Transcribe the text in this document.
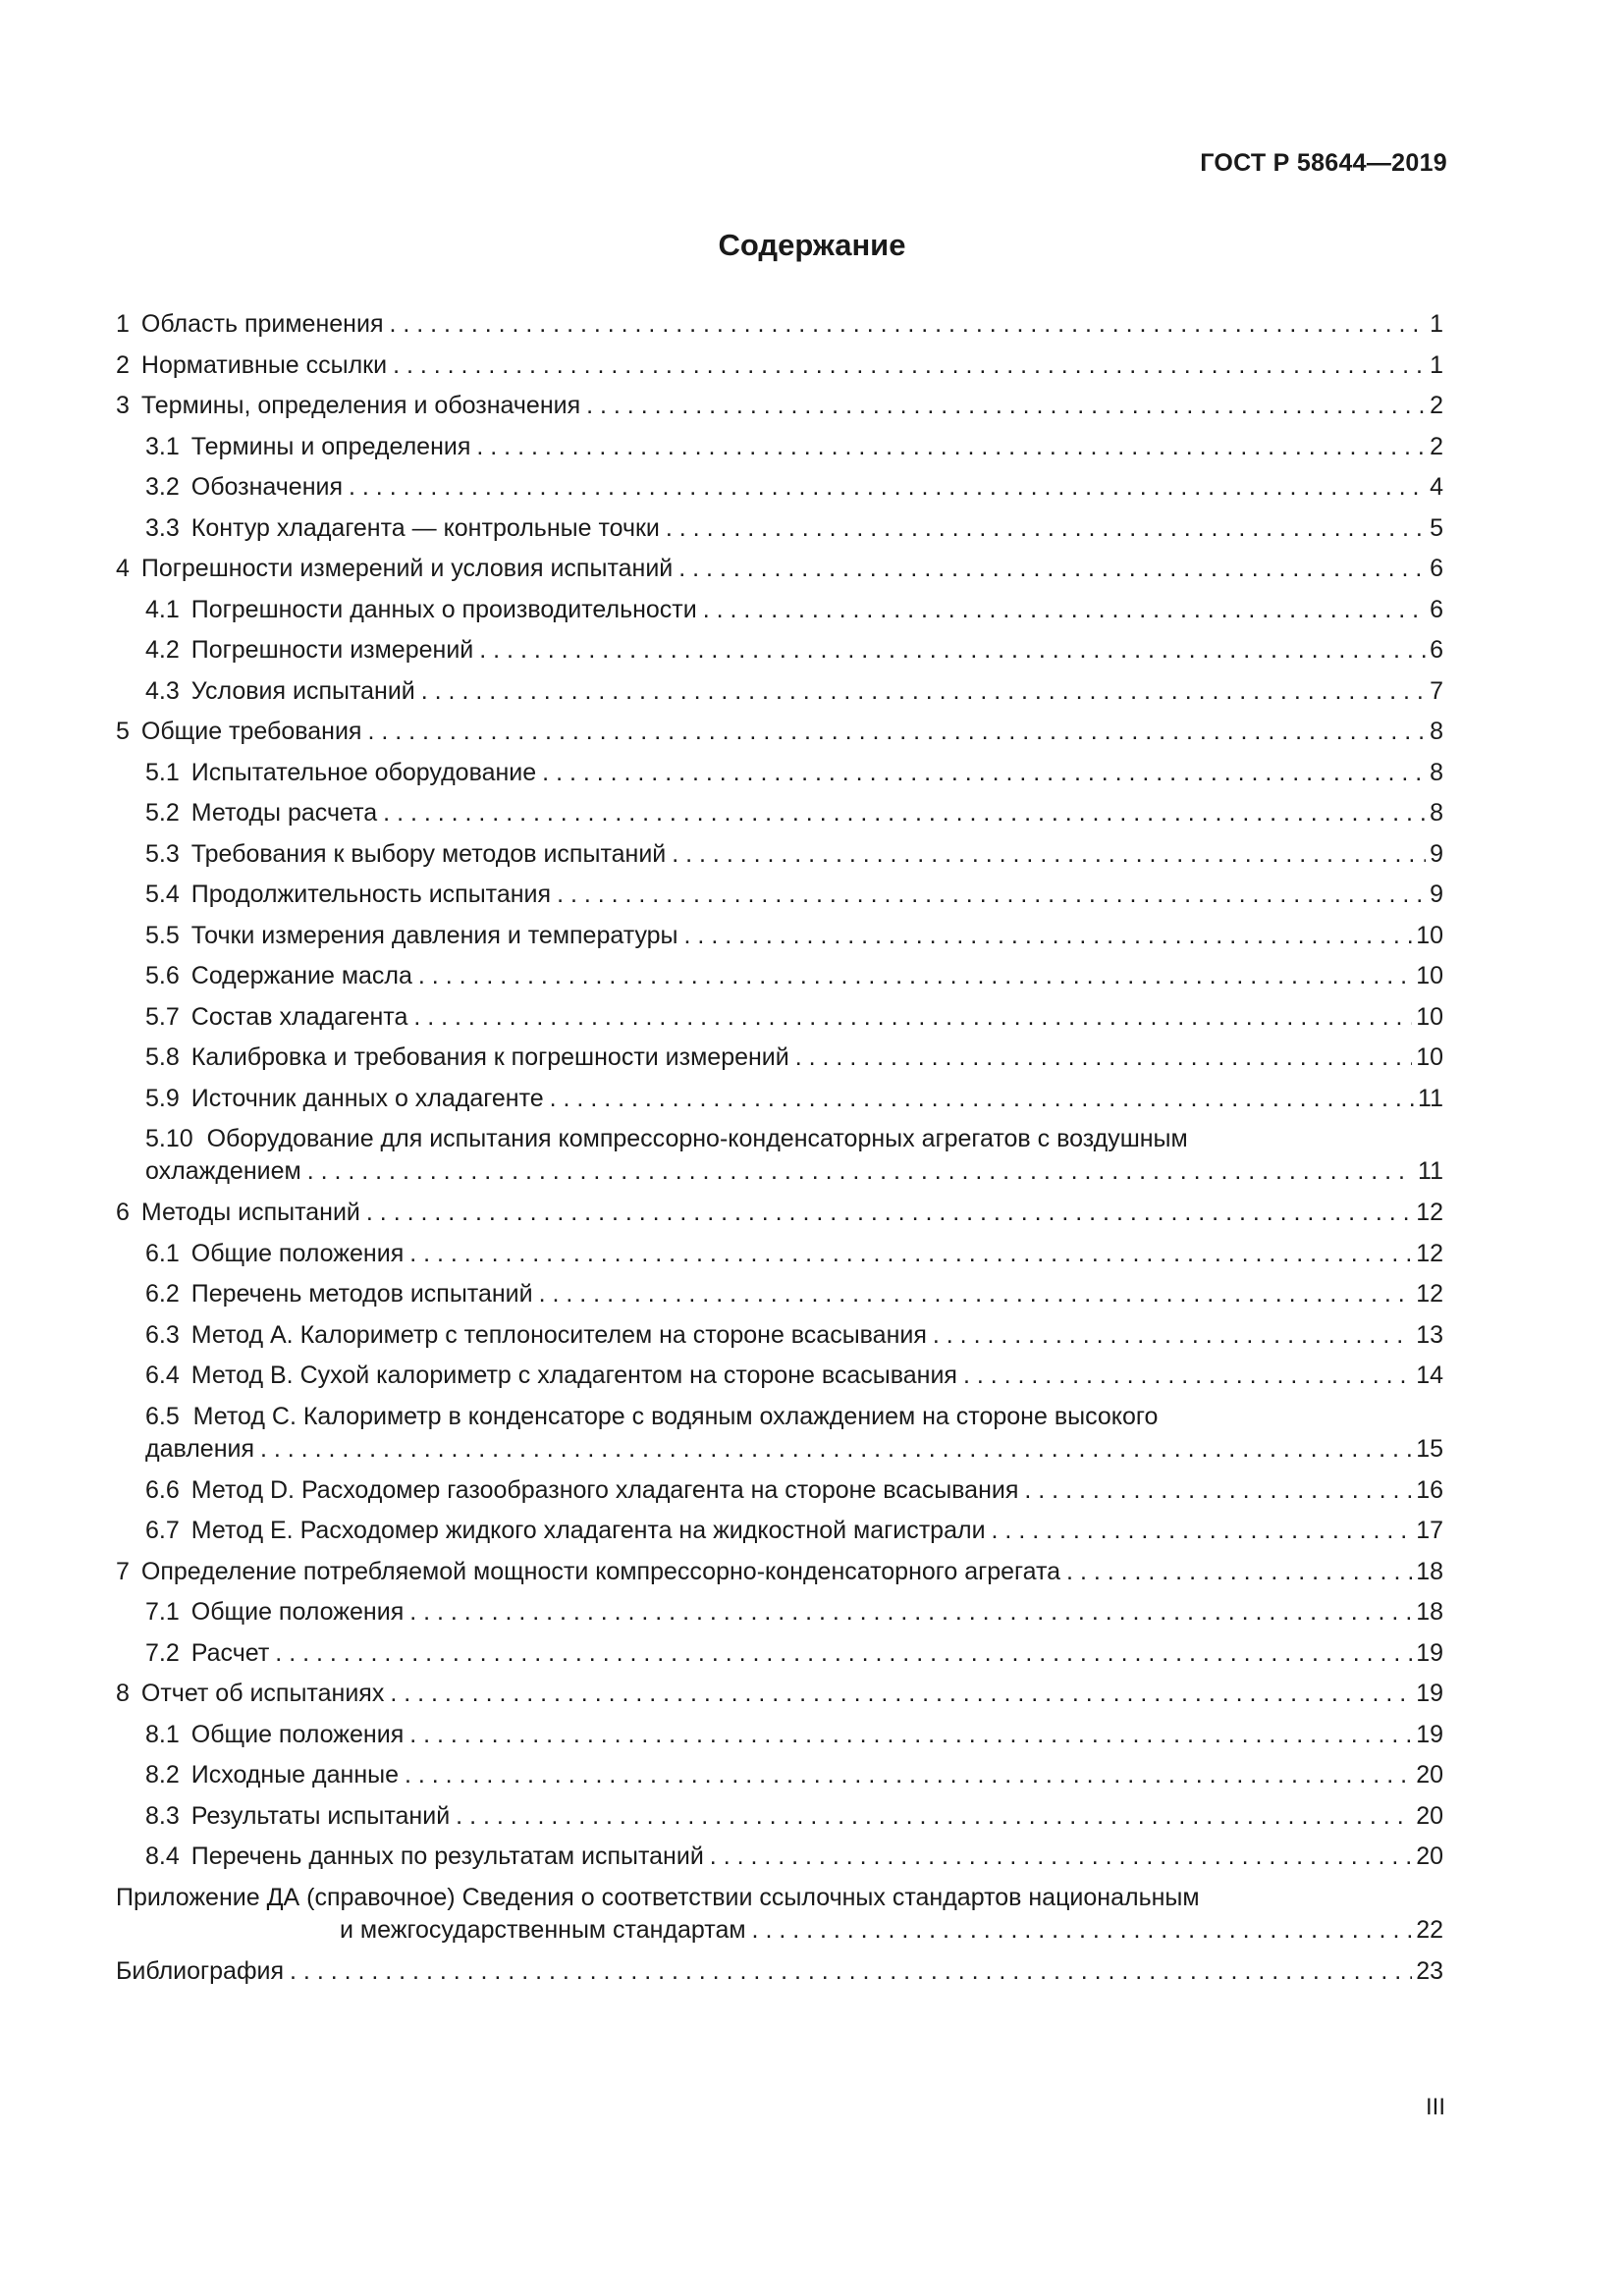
ГОСТ Р 58644—2019
Содержание
1 Область применения . . .	1
2 Нормативные ссылки . . .	1
3 Термины, определения и обозначения . . .	2
3.1 Термины и определения . . .	2
3.2 Обозначения . . .	4
3.3 Контур хладагента — контрольные точки . . .	5
4 Погрешности измерений и условия испытаний . . .	6
4.1 Погрешности данных о производительности . . .	6
4.2 Погрешности измерений . . .	6
4.3 Условия испытаний . . .	7
5 Общие требования . . .	8
5.1 Испытательное оборудование . . .	8
5.2 Методы расчета . . .	8
5.3 Требования к выбору методов испытаний . . .	9
5.4 Продолжительность испытания . . .	9
5.5 Точки измерения давления и температуры . . .	10
5.6 Содержание масла . . .	10
5.7 Состав хладагента . . .	10
5.8 Калибровка и требования к погрешности измерений . . .	10
5.9 Источник данных о хладагенте . . .	11
5.10 Оборудование для испытания компрессорно-конденсаторных агрегатов с воздушным
охлаждением . . .	11
6 Методы испытаний . . .	12
6.1 Общие положения . . .	12
6.2 Перечень методов испытаний . . .	12
6.3 Метод А. Калориметр с теплоносителем на стороне всасывания . . .	13
6.4 Метод В. Сухой калориметр с хладагентом на стороне всасывания . . .	14
6.5 Метод С. Калориметр в конденсаторе с водяным охлаждением на стороне высокого
давления . . .	15
6.6 Метод D. Расходомер газообразного хладагента на стороне всасывания . . .	16
6.7 Метод Е. Расходомер жидкого хладагента на жидкостной магистрали . . .	17
7 Определение потребляемой мощности компрессорно-конденсаторного агрегата . . .	18
7.1 Общие положения . . .	18
7.2 Расчет . . .	19
8 Отчет об испытаниях . . .	19
8.1 Общие положения . . .	19
8.2 Исходные данные . . .	20
8.3 Результаты испытаний . . .	20
8.4 Перечень данных по результатам испытаний . . .	20
Приложение ДА (справочное) Сведения о соответствии ссылочных стандартов национальным
и межгосударственным стандартам . . .	22
Библиография . . .	23
III
